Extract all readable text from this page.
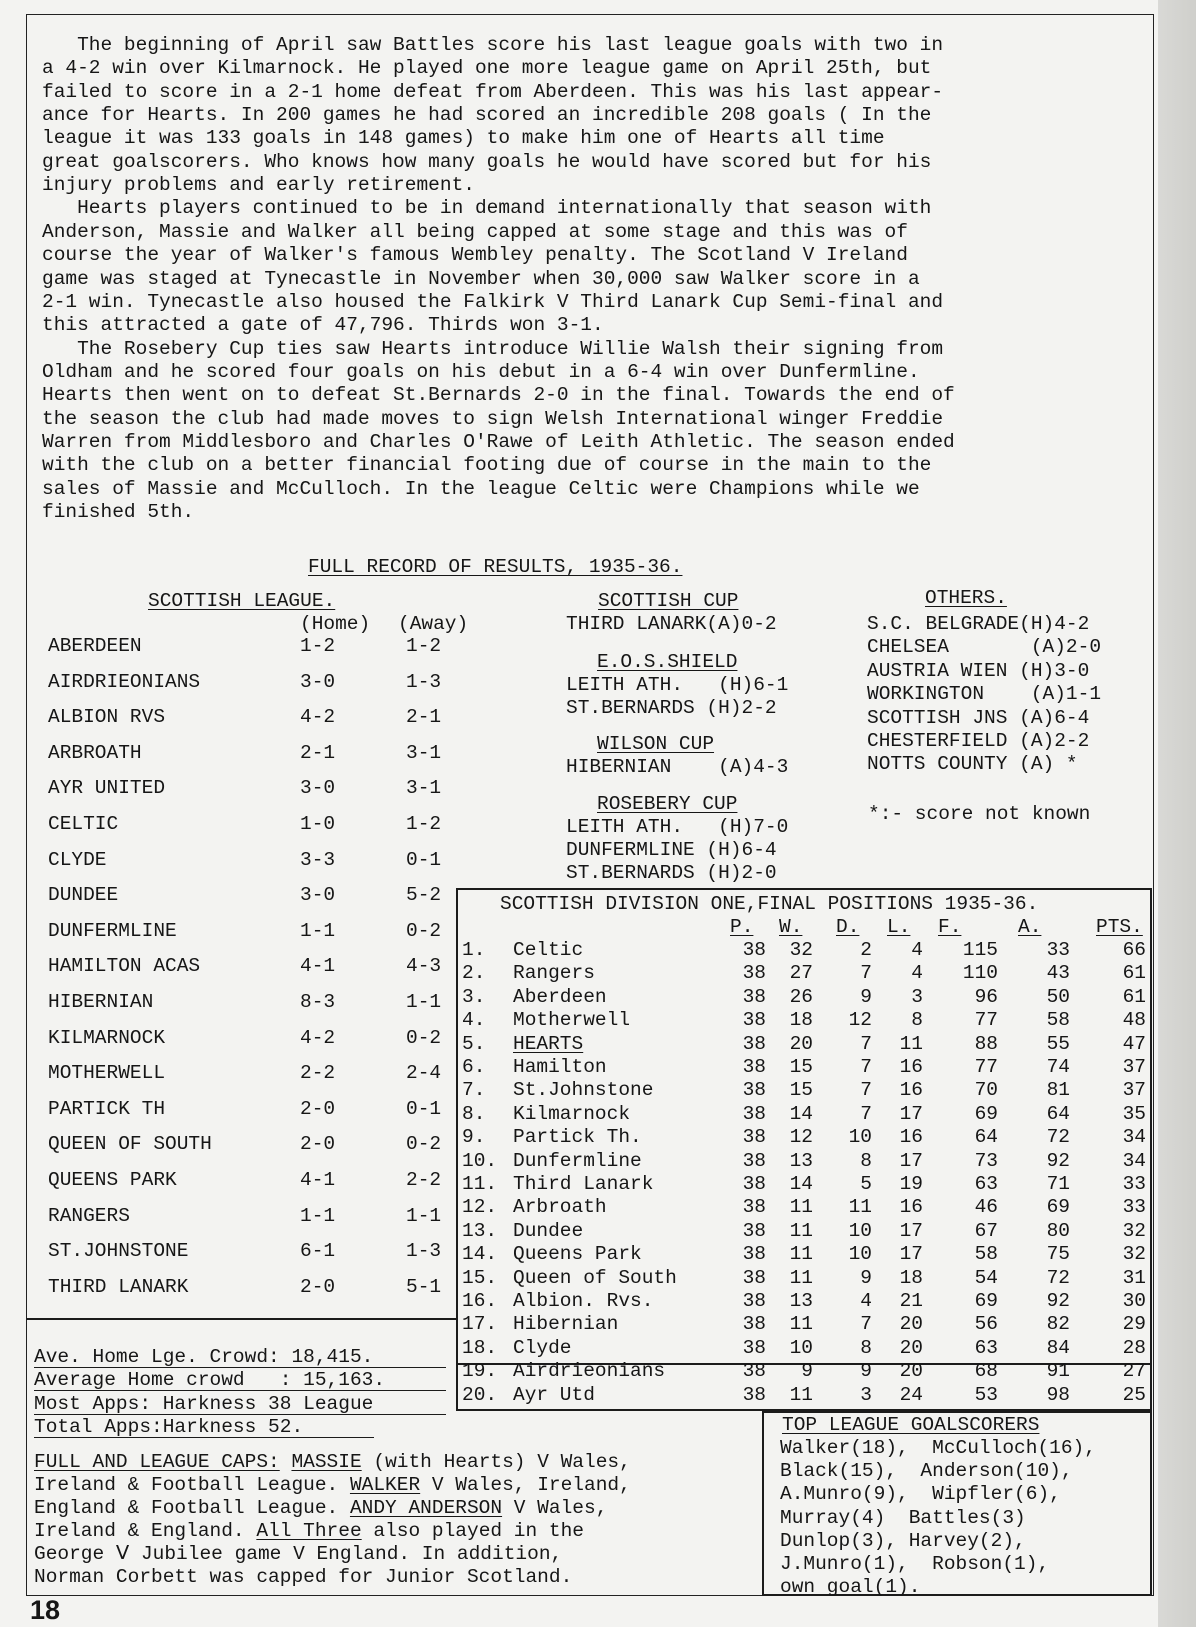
The beginning of April saw Battles score his last league goals with two in
a 4-2 win over Kilmarnock. He played one more league game on April 25th, but
failed to score in a 2-1 home defeat from Aberdeen. This was his last appear-
ance for Hearts. In 200 games he had scored an incredible 208 goals ( In the
league it was 133 goals in 148 games) to make him one of Hearts all time
great goalscorers. Who knows how many goals he would have scored but for his
injury problems and early retirement.
Hearts players continued to be in demand internationally that season with
Anderson, Massie and Walker all being capped at some stage and this was of
course the year of Walker's famous Wembley penalty. The Scotland V Ireland
game was staged at Tynecastle in November when 30,000 saw Walker score in a
2-1 win. Tynecastle also housed the Falkirk V Third Lanark Cup Semi-final and
this attracted a gate of 47,796. Thirds won 3-1.
The Rosebery Cup ties saw Hearts introduce Willie Walsh their signing from
Oldham and he scored four goals on his debut in a 6-4 win over Dunfermline.
Hearts then went on to defeat St.Bernards 2-0 in the final. Towards the end of
the season the club had made moves to sign Welsh International winger Freddie
Warren from Middlesboro and Charles O'Rawe of Leith Athletic. The season ended
with the club on a better financial footing due of course in the main to the
sales of Massie and McCulloch. In the league Celtic were Champions while we
finished 5th.
FULL RECORD OF RESULTS, 1935-36.
SCOTTISH LEAGUE.
(Home) (Away)
ABERDEEN	1-2	1-2
AIRDRIEONIANS	3-0	1-3
ALBION RVS	4-2	2-1
ARBROATH	2-1	3-1
AYR UNITED	3-0	3-1
CELTIC	1-0	1-2
CLYDE	3-3	0-1
DUNDEE	3-0	5-2
DUNFERMLINE	1-1	0-2
HAMILTON ACAS	4-1	4-3
HIBERNIAN	8-3	1-1
KILMARNOCK	4-2	0-2
MOTHERWELL	2-2	2-4
PARTICK TH	2-0	0-1
QUEEN OF SOUTH	2-0	0-2
QUEENS PARK	4-1	2-2
RANGERS	1-1	1-1
ST.JOHNSTONE	6-1	1-3
THIRD LANARK	2-0	5-1
SCOTTISH CUP
THIRD LANARK(A)0-2
E.O.S.SHIELD
LEITH ATH.   (H)6-1
ST.BERNARDS (H)2-2
WILSON CUP
HIBERNIAN    (A)4-3
ROSEBERY CUP
LEITH ATH.   (H)7-0
DUNFERMLINE (H)6-4
ST.BERNARDS (H)2-0
OTHERS.
S.C. BELGRADE(H)4-2
CHELSEA       (A)2-0
AUSTRIA WIEN (H)3-0
WORKINGTON    (A)1-1
SCOTTISH JNS (A)6-4
CHESTERFIELD (A)2-2
NOTTS COUNTY (A) *
*:- score not known
SCOTTISH DIVISION ONE,FINAL POSITIONS 1935-36.
P. W. D. L. F.	A.	PTS.
1. Celtic	38	32	2	4	115	33	66
2. Rangers	38	27	7	4	110	43	61
3. Aberdeen	38	26	9	3	96	50	61
4. Motherwell	38	18	12	8	77	58	48
5. HEARTS	38	20	7	11	88	55	47
6. Hamilton	38	15	7	16	77	74	37
7. St.Johnstone	38	15	7	16	70	81	37
8. Kilmarnock	38	14	7	17	69	64	35
9. Partick Th.	38	12	10	16	64	72	34
10. Dunfermline	38	13	8	17	73	92	34
11. Third Lanark	38	14	5	19	63	71	33
12. Arbroath	38	11	11	16	46	69	33
13. Dundee	38	11	10	17	67	80	32
14. Queens Park	38	11	10	17	58	75	32
15. Queen of South	38	11	9	18	54	72	31
16. Albion. Rvs.	38	13	4	21	69	92	30
17. Hibernian	38	11	7	20	56	82	29
18. Clyde	38	10	8	20	63	84	28
19. Airdrieonians	38	9	9	20	68	91	27
20. Ayr Utd	38	11	3	24	53	98	25
Ave. Home Lge. Crowd: 18,415.
Average Home crowd   : 15,163.
Most Apps: Harkness 38 League
Total Apps:Harkness 52.
FULL AND LEAGUE CAPS: MASSIE (with Hearts) V Wales,
Ireland & Football League. WALKER V Wales, Ireland,
England & Football League. ANDY ANDERSON V Wales,
Ireland & England. All Three also played in the
George Ⅴ Jubilee game V England. In addition,
Norman Corbett was capped for Junior Scotland.
TOP LEAGUE GOALSCORERS
Walker(18),  McCulloch(16),
Black(15),  Anderson(10),
A.Munro(9),  Wipfler(6),
Murray(4)  Battles(3)
Dunlop(3), Harvey(2),
J.Munro(1),  Robson(1),
own goal(1).
18
